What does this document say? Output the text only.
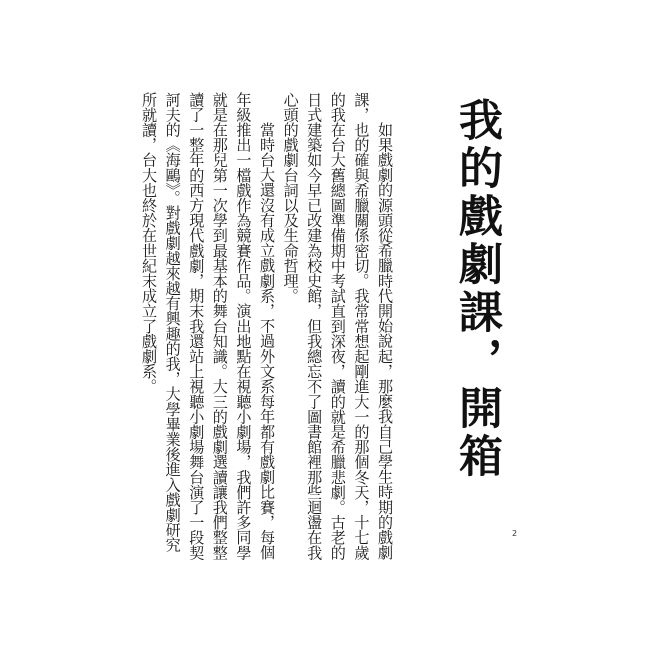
我的戲劇課，開箱

如果戲劇的源頭從希臘時代開始說起，那麼我自己學生時期的戲劇課，也的確與希臘關係密切。我常常想起剛進大一的那個冬天，十七歲的我在台大舊總圖準備期中考試直到深夜，讀的就是希臘悲劇。古老的日式建築如今早已改建為校史館，但我總忘不了圖書館裡那些迴盪在我心頭的戲劇台詞以及生命哲理。

當時台大還沒有成立戲劇系，不過外文系每年都有戲劇比賽，每個年級推出一檔戲作為競賽作品。演出地點在視聽小劇場，我們許多同學就是在那兒第一次學到最基本的舞台知識。大三的戲劇選讀讓我們整整讀了一整年的西方現代戲劇，期末我還站上視聽小劇場舞台演了一段契訶夫的《海鷗》。對戲劇越來越有興趣的我，大學畢業後進入戲劇研究所就讀，台大也終於在世紀末成立了戲劇系。

2
